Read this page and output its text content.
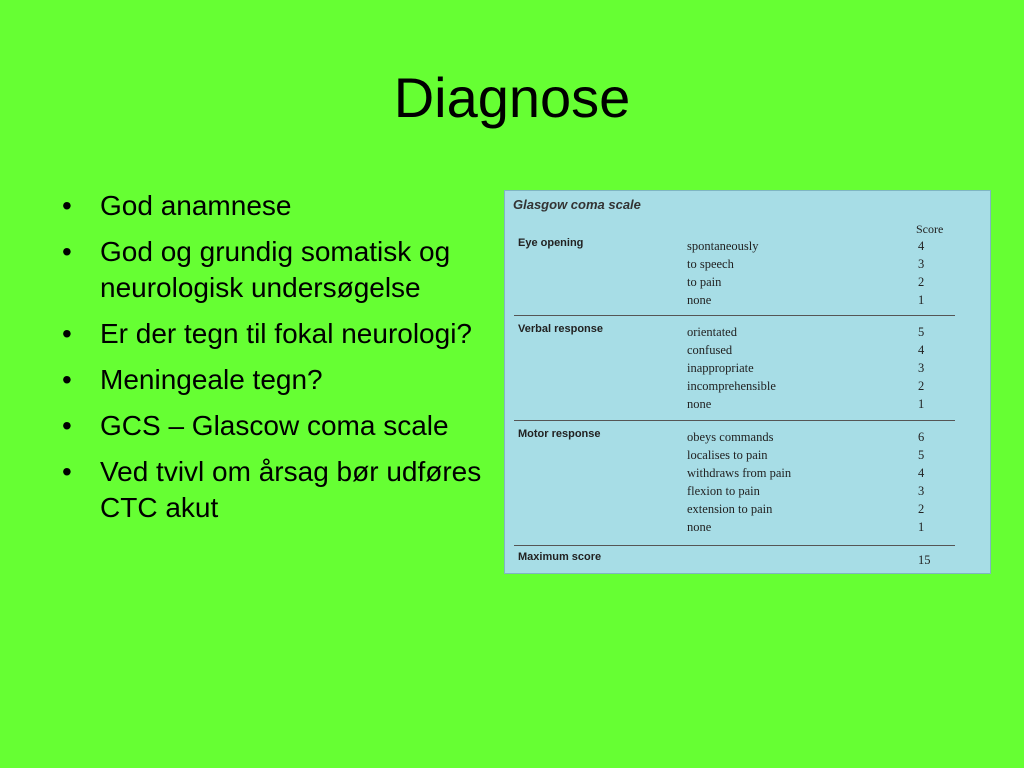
Diagnose
• God anamnese
• God og grundig somatisk og neurologisk undersøgelse
• Er der tegn til fokal neurologi?
• Meningeale tegn?
• GCS – Glascow coma scale
• Ved tvivl om årsag bør udføres CTC akut
Glasgow coma scale
Score
Eye opening	spontaneously	4
to speech	3
to pain	2
none	1
Verbal response	orientated	5
confused	4
inappropriate	3
incomprehensible	2
none	1
Motor response	obeys commands	6
localises to pain	5
withdraws from pain	4
flexion to pain	3
extension to pain	2
none	1
Maximum score	15
